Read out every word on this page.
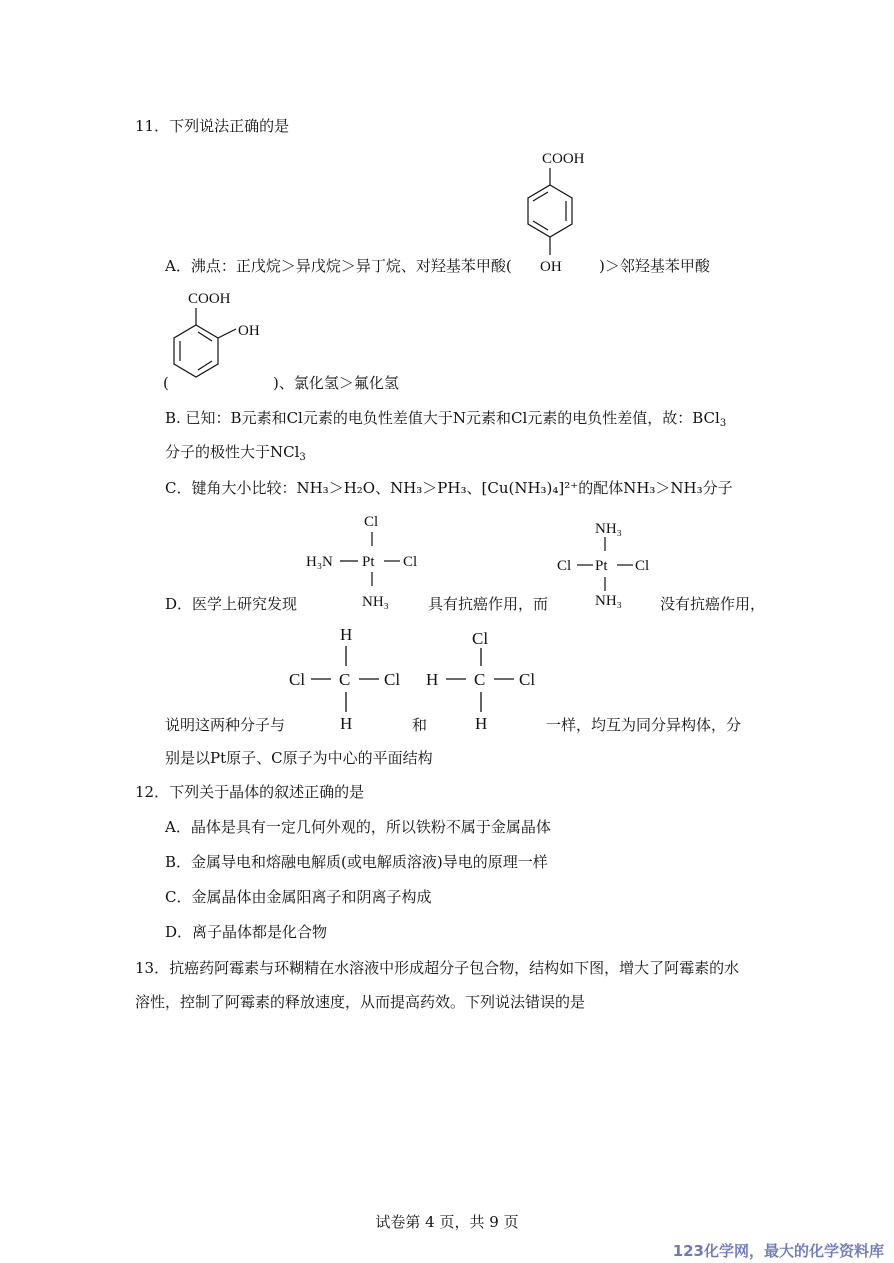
11．下列说法正确的是
COOH
OH
A．沸点：正戊烷＞异戊烷＞异丁烷、对羟基苯甲酸(	)＞邻羟基苯甲酸
COOH
OH
(	)、氯化氢＞氟化氢
B. 已知：B元素和Cl元素的电负性差值大于N元素和Cl元素的电负性差值，故：BCl$_3$
分子的极性大于NCl$_3$
C．键角大小比较：NH₃＞H₂O、NH₃＞PH₃、[Cu(NH₃)₄]²⁺的配体NH₃＞NH₃分子
Cl
H₃N Pt Cl
NH₃
NH₃
Cl Pt Cl
NH₃
D．医学上研究发现	具有抗癌作用，而	没有抗癌作用，
H
Cl C Cl
H
Cl
H C Cl
H
说明这两种分子与	和	一样，均互为同分异构体，分
别是以Pt原子、C原子为中心的平面结构
12．下列关于晶体的叙述正确的是
A．晶体是具有一定几何外观的，所以铁粉不属于金属晶体
B．金属导电和熔融电解质(或电解质溶液)导电的原理一样
C．金属晶体由金属阳离子和阴离子构成
D．离子晶体都是化合物
13．抗癌药阿霉素与环糊精在水溶液中形成超分子包合物，结构如下图，增大了阿霉素的水
溶性，控制了阿霉素的释放速度，从而提高药效。下列说法错误的是
试卷第 4 页，共 9 页
123化学网，最大的化学资料库
